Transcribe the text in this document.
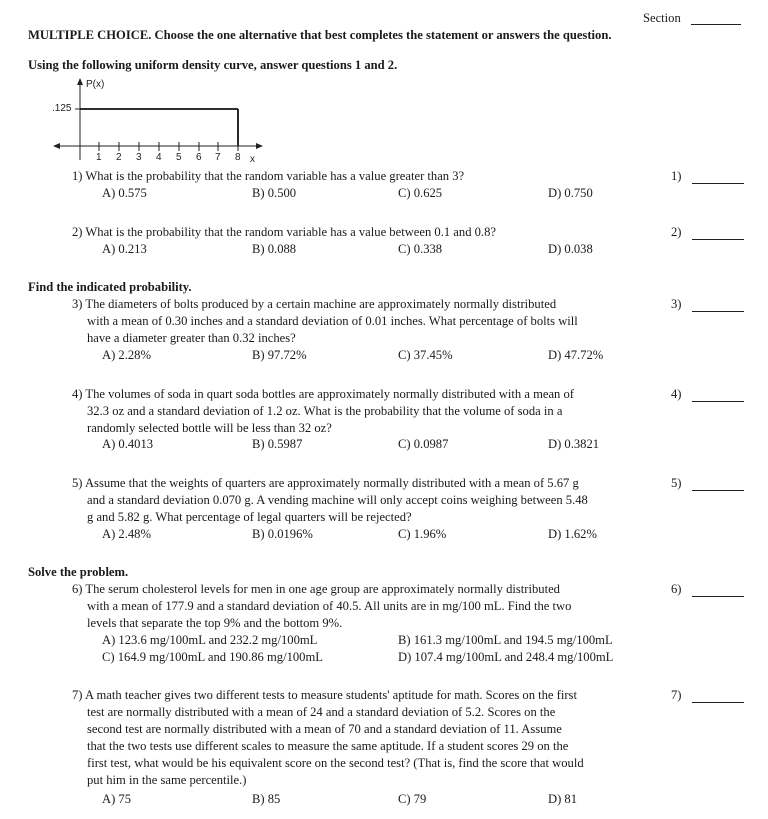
Section
MULTIPLE CHOICE. Choose the one alternative that best completes the statement or answers the question.
Using the following uniform density curve, answer questions 1 and 2.
P(x)
.125
1 2 3 4 5 6 7 8 x
1) What is the probability that the random variable has a value greater than 3?	1)
A) 0.575	B) 0.500	C) 0.625	D) 0.750
2) What is the probability that the random variable has a value between 0.1 and 0.8?	2)
A) 0.213	B) 0.088	C) 0.338	D) 0.038
Find the indicated probability.
3) The diameters of bolts produced by a certain machine are approximately normally distributed
with a mean of 0.30 inches and a standard deviation of 0.01 inches. What percentage of bolts will
have a diameter greater than 0.32 inches?
3)
A) 2.28%	B) 97.72%	C) 37.45%	D) 47.72%
4) The volumes of soda in quart soda bottles are approximately normally distributed with a mean of
32.3 oz and a standard deviation of 1.2 oz. What is the probability that the volume of soda in a
randomly selected bottle will be less than 32 oz?
4)
A) 0.4013	B) 0.5987	C) 0.0987	D) 0.3821
5) Assume that the weights of quarters are approximately normally distributed with a mean of 5.67 g
and a standard deviation 0.070 g. A vending machine will only accept coins weighing between 5.48
g and 5.82 g. What percentage of legal quarters will be rejected?
5)
A) 2.48%	B) 0.0196%	C) 1.96%	D) 1.62%
Solve the problem.
6) The serum cholesterol levels for men in one age group are approximately normally distributed
with a mean of 177.9 and a standard deviation of 40.5. All units are in mg/100 mL. Find the two
levels that separate the top 9% and the bottom 9%.
6)
A) 123.6 mg/100mL and 232.2 mg/100mL	B) 161.3 mg/100mL and 194.5 mg/100mL
C) 164.9 mg/100mL and 190.86 mg/100mL	D) 107.4 mg/100mL and 248.4 mg/100mL
7) A math teacher gives two different tests to measure students' aptitude for math. Scores on the first
test are normally distributed with a mean of 24 and a standard deviation of 5.2. Scores on the
second test are normally distributed with a mean of 70 and a standard deviation of 11. Assume
that the two tests use different scales to measure the same aptitude. If a student scores 29 on the
first test, what would be his equivalent score on the second test? (That is, find the score that would
put him in the same percentile.)
7)
A) 75	B) 85	C) 79	D) 81
